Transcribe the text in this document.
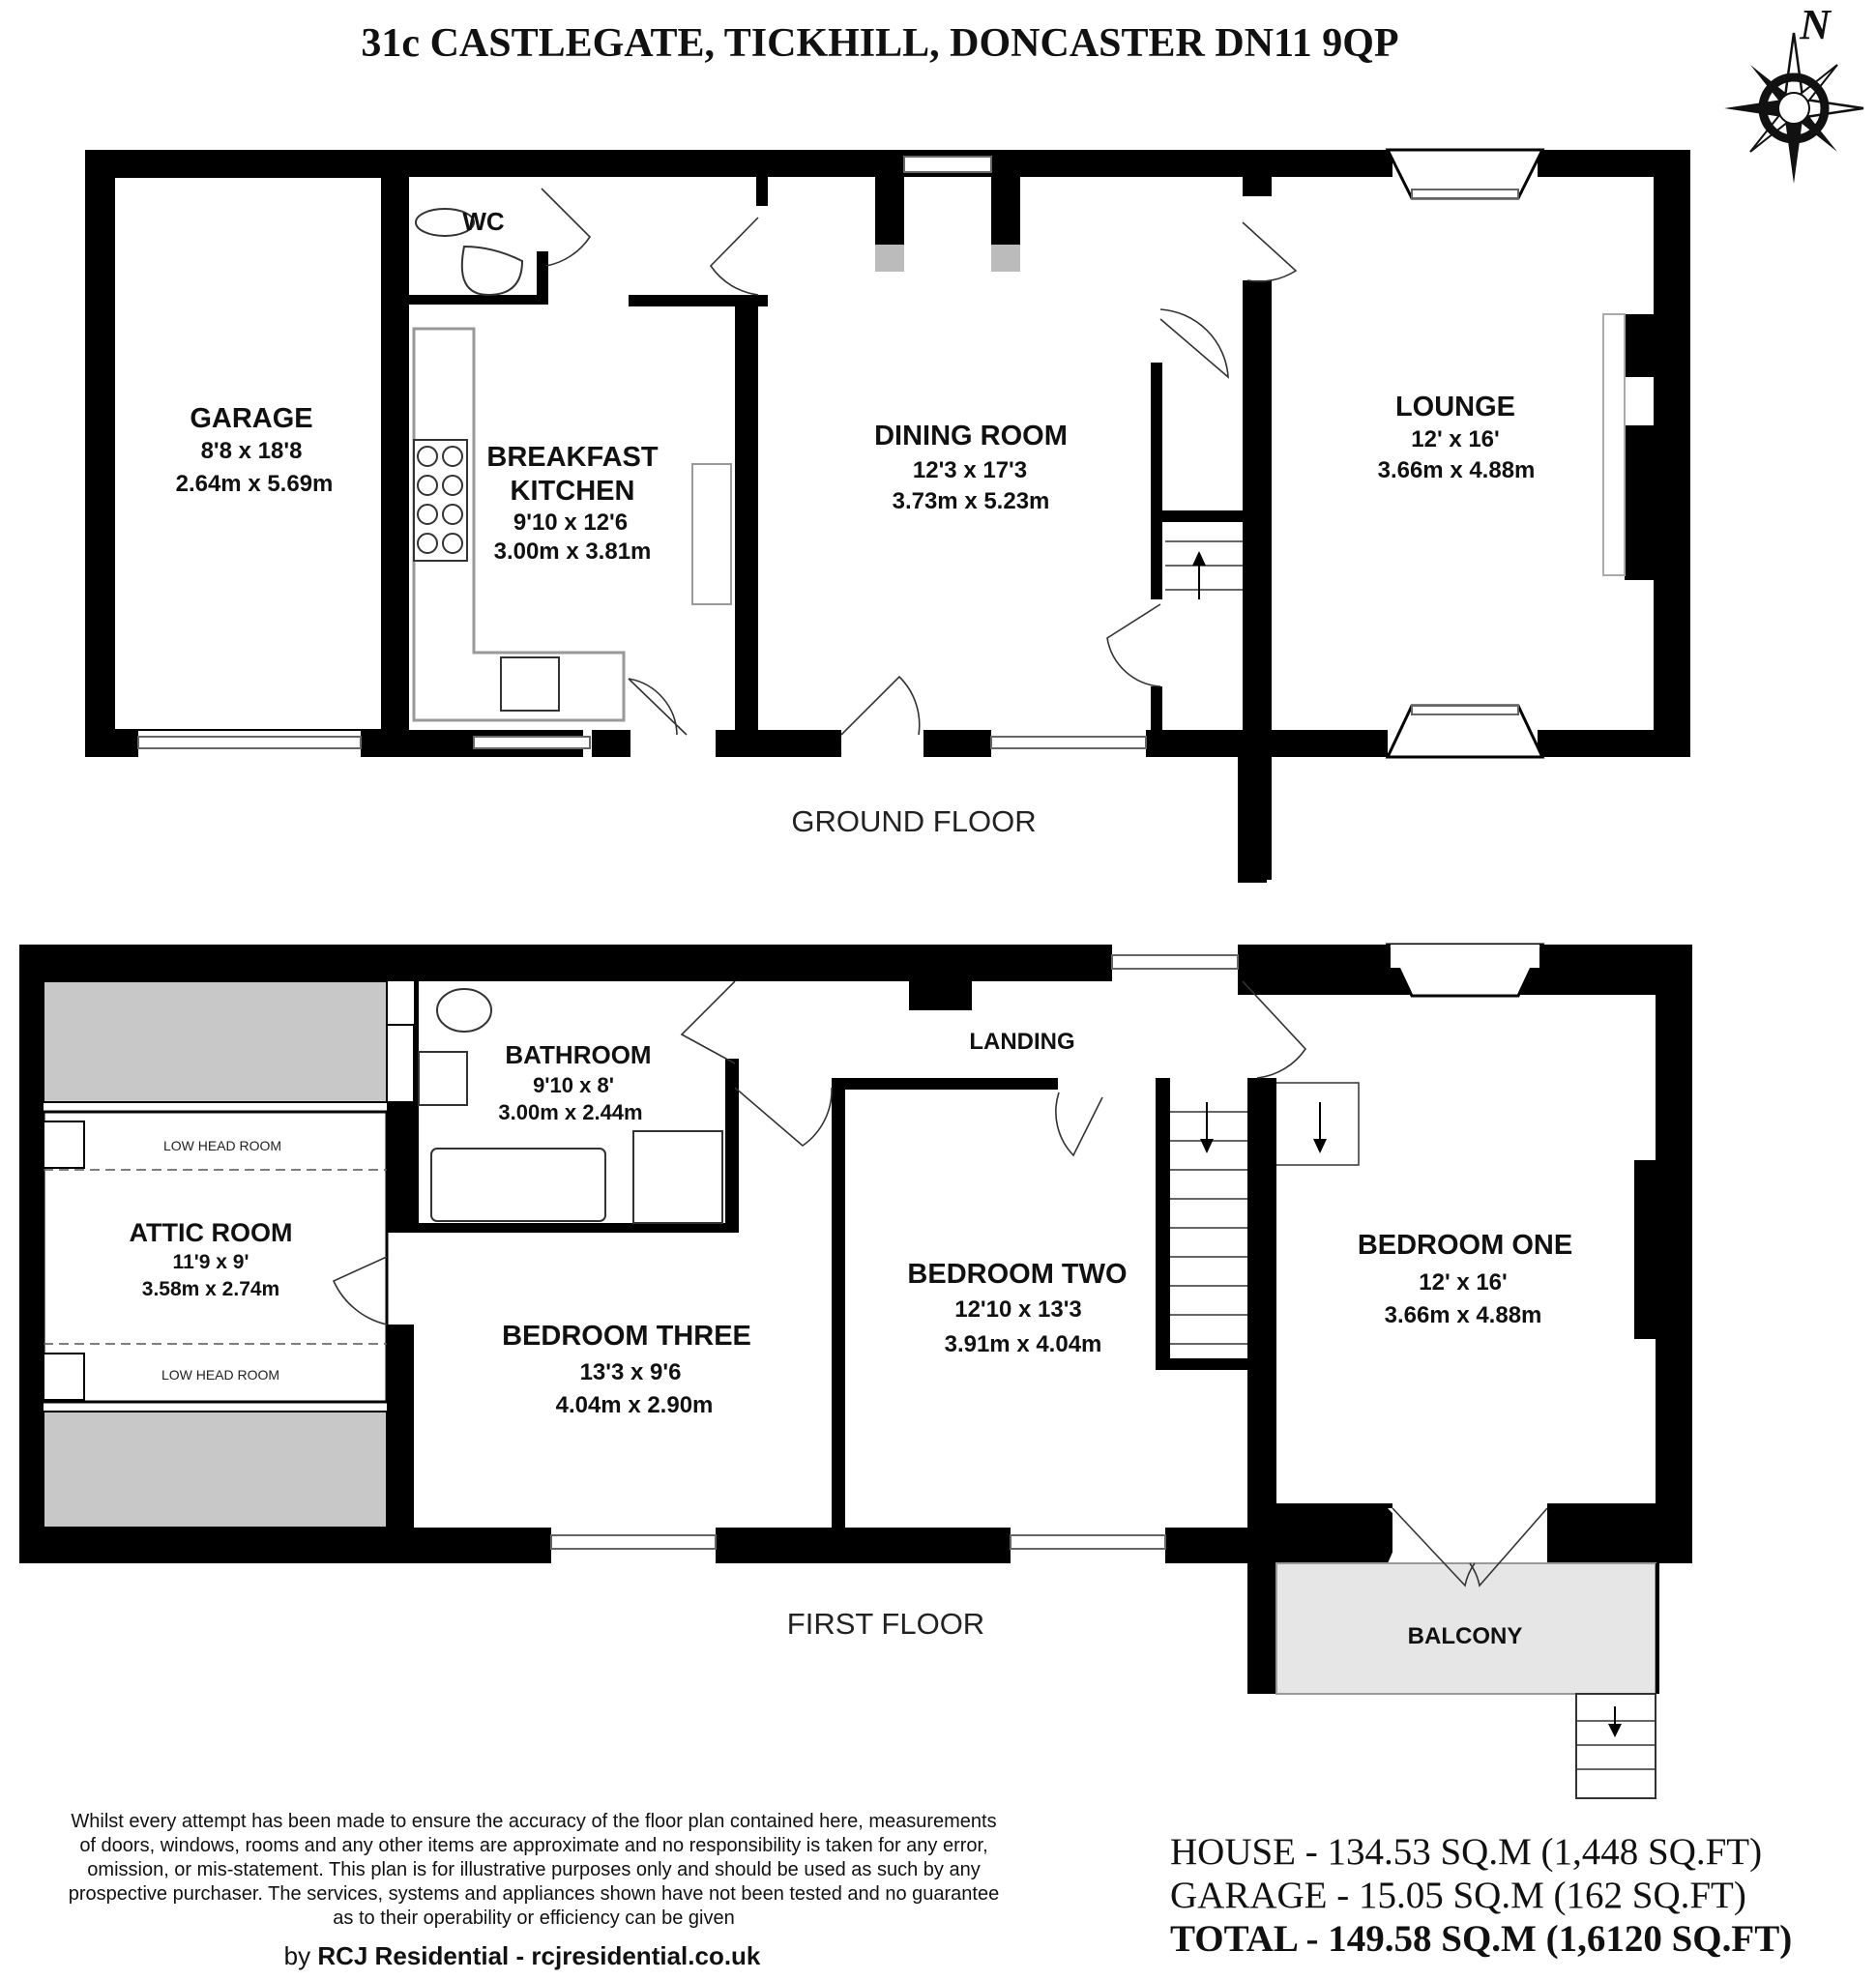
31c CASTLEGATE, TICKHILL, DONCASTER DN11 9QP	N
GARAGE
8'8 x 18'8
2.64m x 5.69m
WC
BREAKFAST
KITCHEN
9'10 x 12'6
3.00m x 3.81m
DINING ROOM
12'3 x 17'3
3.73m x 5.23m
LOUNGE
12' x 16'
3.66m x 4.88m
GROUND FLOOR
BATHROOM
9'10 x 8'
3.00m x 2.44m
LANDING
LOW HEAD ROOM
ATTIC ROOM
11'9 x 9'
3.58m x 2.74m
LOW HEAD ROOM
BEDROOM THREE
13'3 x 9'6
4.04m x 2.90m
BEDROOM TWO
12'10 x 13'3
3.91m x 4.04m
BEDROOM ONE
12' x 16'
3.66m x 4.88m
BALCONY
FIRST FLOOR
Whilst every attempt has been made to ensure the accuracy of the floor plan contained here, measurements
of doors, windows, rooms and any other items are approximate and no responsibility is taken for any error,
omission, or mis-statement. This plan is for illustrative purposes only and should be used as such by any
prospective purchaser. The services, systems and appliances shown have not been tested and no guarantee
as to their operability or efficiency can be given
by RCJ Residential - rcjresidential.co.uk
HOUSE - 134.53 SQ.M (1,448 SQ.FT)
GARAGE - 15.05 SQ.M (162 SQ.FT)
TOTAL - 149.58 SQ.M (1,6120 SQ.FT)
